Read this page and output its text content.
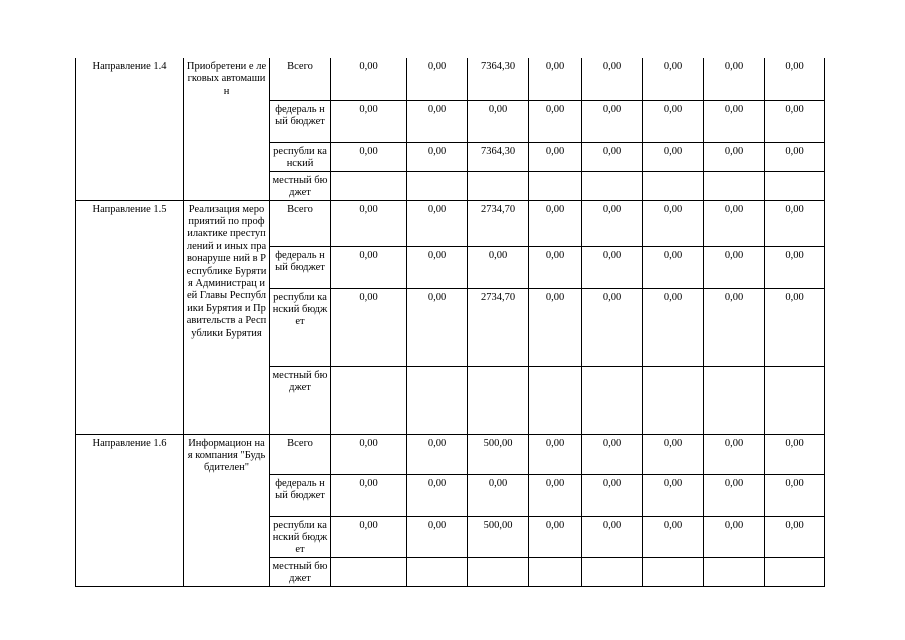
Направление 1.4	Приобретени е легковых автомашин	Всего	0,00	0,00	7364,30	0,00	0,00	0,00	0,00	0,00
		федераль ный бюджет	0,00	0,00	0,00	0,00	0,00	0,00	0,00	0,00
		республи канский	0,00	0,00	7364,30	0,00	0,00	0,00	0,00	0,00
		местный бюджет								
Направление 1.5	Реализация мероприятий по профилактике преступлений и иных правонаруше ний в Республике Бурятия Администрац ией Главы Республики Бурятия и Правительств а Республики Бурятия	Всего	0,00	0,00	2734,70	0,00	0,00	0,00	0,00	0,00
		федераль ный бюджет	0,00	0,00	0,00	0,00	0,00	0,00	0,00	0,00
		республи канский бюджет	0,00	0,00	2734,70	0,00	0,00	0,00	0,00	0,00
		местный бюджет								
Направление 1.6	Информацион ная компания "Будь бдителен"	Всего	0,00	0,00	500,00	0,00	0,00	0,00	0,00	0,00
		федераль ный бюджет	0,00	0,00	0,00	0,00	0,00	0,00	0,00	0,00
		республи канский бюджет	0,00	0,00	500,00	0,00	0,00	0,00	0,00	0,00
		местный бюджет								
